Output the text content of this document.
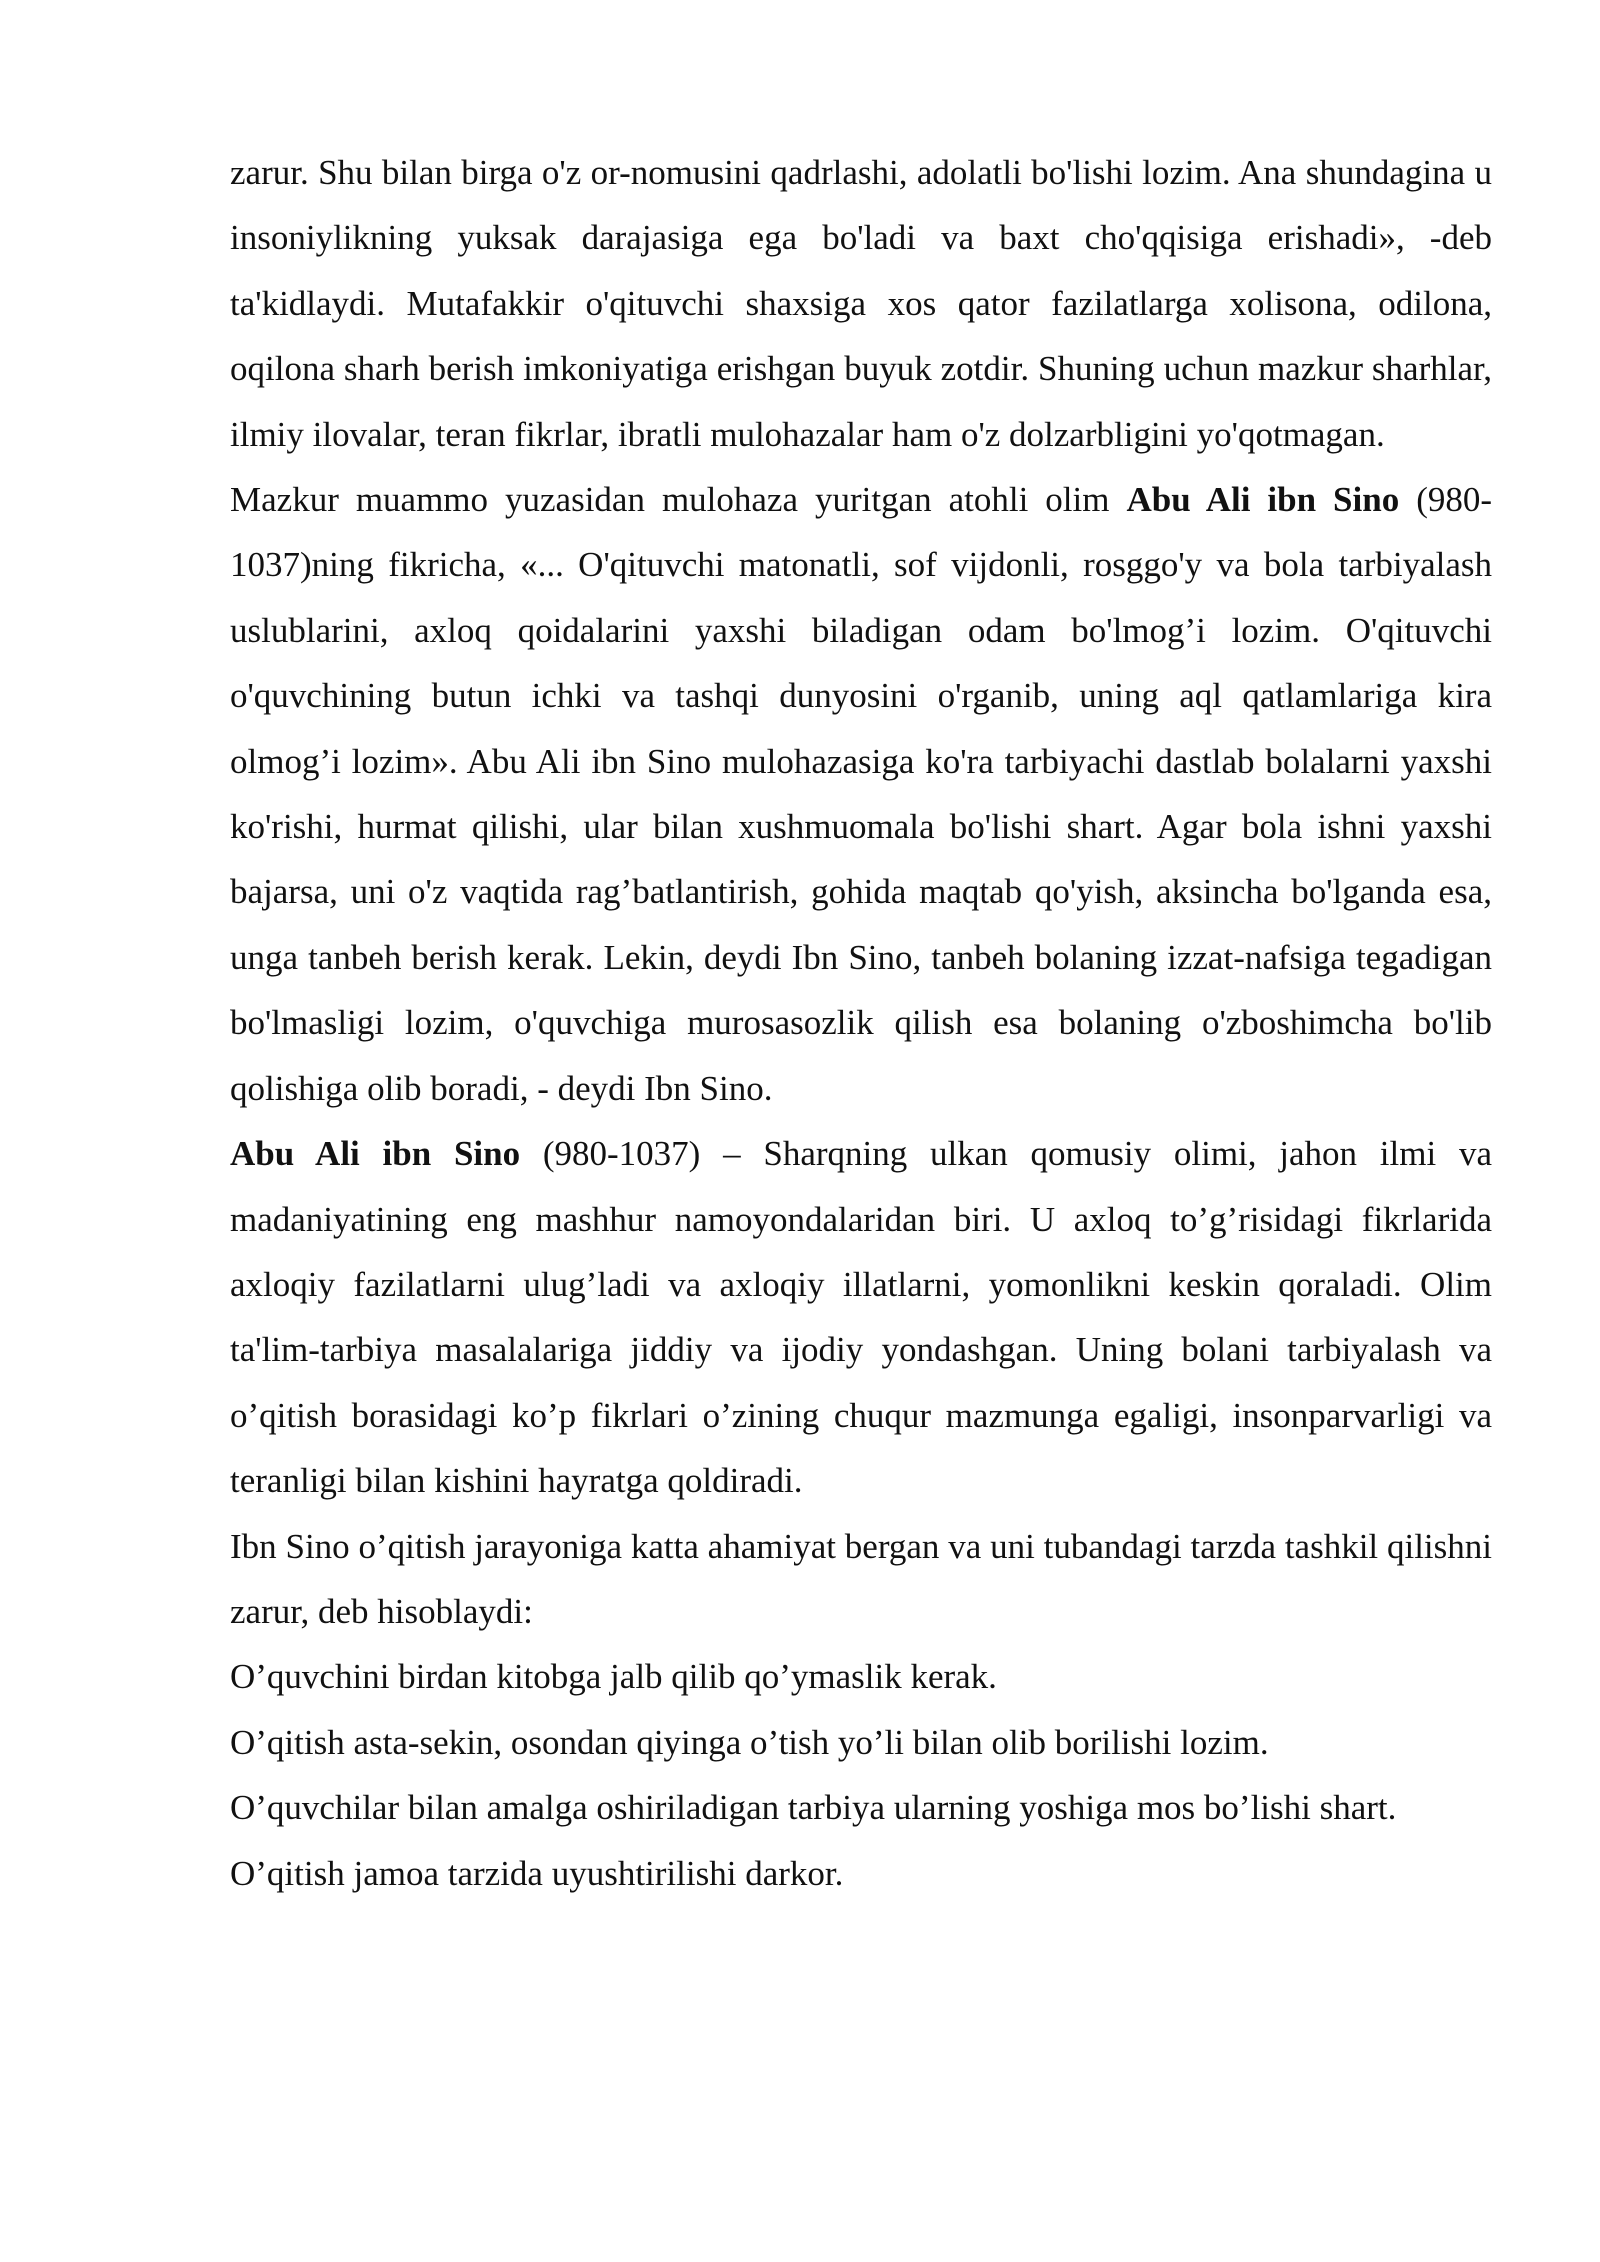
zarur. Shu bilan birga o'z or-nomusini qadrlashi, adolatli bo'lishi lozim. Ana shundagina u insoniylikning yuksak darajasiga ega bo'ladi va baxt cho'qqisiga erishadi», -deb ta'kidlaydi. Mutafakkir o'qituvchi shaxsiga xos qator fazilatlarga xolisona, odilona, oqilona sharh berish imkoniyatiga erishgan buyuk zotdir. Shuning uchun mazkur sharhlar, ilmiy ilovalar, teran fikrlar, ibratli mulohazalar ham o'z dolzarbligini yo'qotmagan.

Mazkur muammo yuzasidan mulohaza yuritgan atohli olim Abu Ali ibn Sino (980-1037)ning fikricha, «... O'qituvchi matonatli, sof vijdonli, rosggo'y va bola tarbiyalash uslublarini, axloq qoidalarini yaxshi biladigan odam bo'lmog’i lozim. O'qituvchi o'quvchining butun ichki va tashqi dunyosini o'rganib, uning aql qatlamlariga kira olmog’i lozim». Abu Ali ibn Sino mulohazasiga ko'ra tarbiyachi dastlab bolalarni yaxshi ko'rishi, hurmat qilishi, ular bilan xushmuomala bo'lishi shart. Agar bola ishni yaxshi bajarsa, uni o'z vaqtida rag’batlantirish, gohida maqtab qo'yish, aksincha bo'lganda esa, unga tanbeh berish kerak. Lekin, deydi Ibn Sino, tanbeh bolaning izzat-nafsiga tegadigan bo'lmasligi lozim, o'quvchiga murosasozlik qilish esa bolaning o'zboshimcha bo'lib qolishiga olib boradi, - deydi Ibn Sino.

Abu Ali ibn Sino (980-1037) – Sharqning ulkan qomusiy olimi, jahon ilmi va madaniyatining eng mashhur namoyondalaridan biri. U axloq to’g’risidagi fikrlarida axloqiy fazilatlarni ulug’ladi va axloqiy illatlarni, yomonlikni keskin qoraladi. Olim ta'lim-tarbiya masalalariga jiddiy va ijodiy yondashgan. Uning bolani tarbiyalash va o’qitish borasidagi ko’p fikrlari o’zining chuqur mazmunga egaligi, insonparvarligi va teranligi bilan kishini hayratga qoldiradi.

Ibn Sino o’qitish jarayoniga katta ahamiyat bergan va uni tubandagi tarzda tashkil qilishni zarur, deb hisoblaydi:

O’quvchini birdan kitobga jalb qilib qo’ymaslik kerak.

O’qitish asta-sekin, osondan qiyinga o’tish yo’li bilan olib borilishi lozim.

O’quvchilar bilan amalga oshiriladigan tarbiya ularning yoshiga mos bo’lishi shart.

O’qitish jamoa tarzida uyushtirilishi darkor.
